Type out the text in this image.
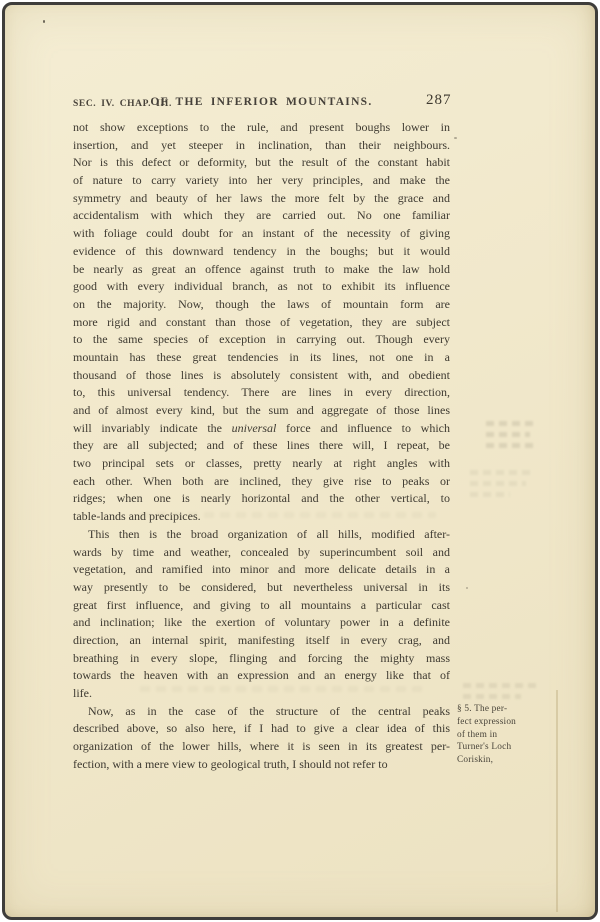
SEC. IV. CHAP. III.
OF THE INFERIOR MOUNTAINS.	287
not show exceptions to the rule, and present boughs lower in
insertion, and yet steeper in inclination, than their neighbours.
Nor is this defect or deformity, but the result of the constant habit
of nature to carry variety into her very principles, and make the
symmetry and beauty of her laws the more felt by the grace and
accidentalism with which they are carried out. No one familiar
with foliage could doubt for an instant of the necessity of giving
evidence of this downward tendency in the boughs; but it would
be nearly as great an offence against truth to make the law hold
good with every individual branch, as not to exhibit its influence
on the majority. Now, though the laws of mountain form are
more rigid and constant than those of vegetation, they are subject
to the same species of exception in carrying out. Though every
mountain has these great tendencies in its lines, not one in a
thousand of those lines is absolutely consistent with, and obedient
to, this universal tendency. There are lines in every direction,
and of almost every kind, but the sum and aggregate of those lines
will invariably indicate the universal force and influence to which
they are all subjected; and of these lines there will, I repeat, be
two principal sets or classes, pretty nearly at right angles with
each other. When both are inclined, they give rise to peaks or
ridges; when one is nearly horizontal and the other vertical, to
table-lands and precipices.
This then is the broad organization of all hills, modified after-
wards by time and weather, concealed by superincumbent soil and
vegetation, and ramified into minor and more delicate details in a
way presently to be considered, but nevertheless universal in its
great first influence, and giving to all mountains a particular cast
and inclination; like the exertion of voluntary power in a definite
direction, an internal spirit, manifesting itself in every crag, and
breathing in every slope, flinging and forcing the mighty mass
towards the heaven with an expression and an energy like that of
life.
Now, as in the case of the structure of the central peaks
described above, so also here, if I had to give a clear idea of this
organization of the lower hills, where it is seen in its greatest per-
fection, with a mere view to geological truth, I should not refer to
§ 5. The per-
fect expression
of them in
Turner's Loch
Coriskin,
